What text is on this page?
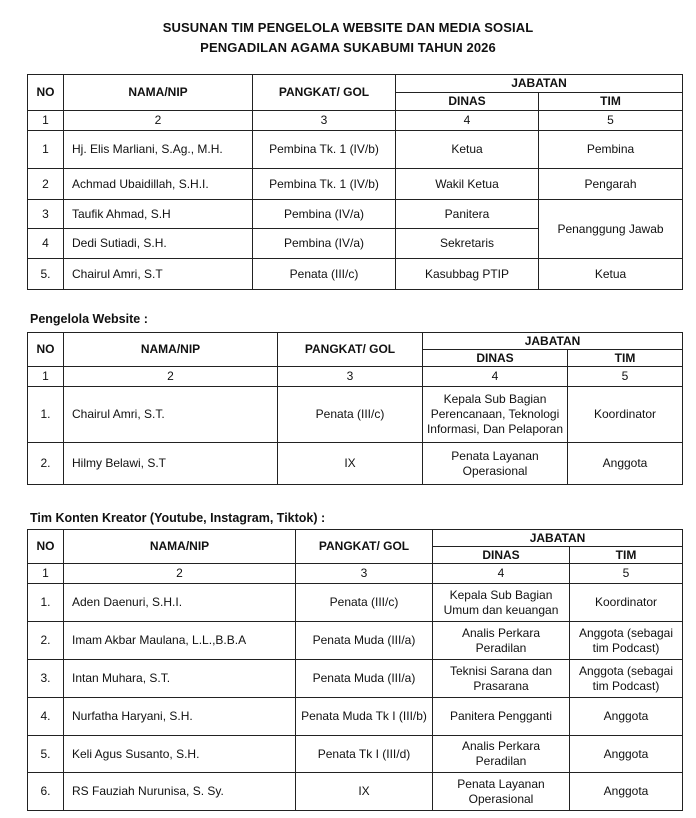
SUSUNAN TIM PENGELOLA WEBSITE DAN MEDIA SOSIAL
PENGADILAN AGAMA SUKABUMI TAHUN 2026
NO	NAMA/NIP	PANGKAT/ GOL	JABATAN	
			DINAS	TIM
1	2	3	4	5
1	Hj. Elis Marliani, S.Ag., M.H.	Pembina Tk. 1 (IV/b)	Ketua	Pembina
2	Achmad Ubaidillah, S.H.I.	Pembina Tk. 1 (IV/b)	Wakil Ketua	Pengarah
3	Taufik Ahmad, S.H	Pembina (IV/a)	Panitera	Penanggung Jawab
4	Dedi Sutiadi, S.H.	Pembina (IV/a)	Sekretaris	
5.	Chairul Amri, S.T	Penata (III/c)	Kasubbag PTIP	Ketua
Pengelola Website :
NO	NAMA/NIP	PANGKAT/ GOL	JABATAN	
			DINAS	TIM
1	2	3	4	5
1.	Chairul Amri, S.T.	Penata (III/c)	Kepala Sub Bagian Perencanaan, Teknologi Informasi, Dan Pelaporan	Koordinator
2.	Hilmy Belawi, S.T	IX	Penata Layanan Operasional	Anggota
Tim Konten Kreator (Youtube, Instagram, Tiktok) :
NO	NAMA/NIP	PANGKAT/ GOL	JABATAN	
			DINAS	TIM
1	2	3	4	5
1.	Aden Daenuri, S.H.I.	Penata (III/c)	Kepala Sub Bagian Umum dan keuangan	Koordinator
2.	Imam Akbar Maulana, L.L.,B.B.A	Penata Muda (III/a)	Analis Perkara Peradilan	Anggota (sebagai tim Podcast)
3.	Intan Muhara, S.T.	Penata Muda (III/a)	Teknisi Sarana dan Prasarana	Anggota (sebagai tim Podcast)
4.	Nurfatha Haryani, S.H.	Penata Muda Tk I (III/b)	Panitera Pengganti	Anggota
5.	Keli Agus Susanto, S.H.	Penata Tk I (III/d)	Analis Perkara Peradilan	Anggota
6.	RS Fauziah Nurunisa, S. Sy.	IX	Penata Layanan Operasional	Anggota
